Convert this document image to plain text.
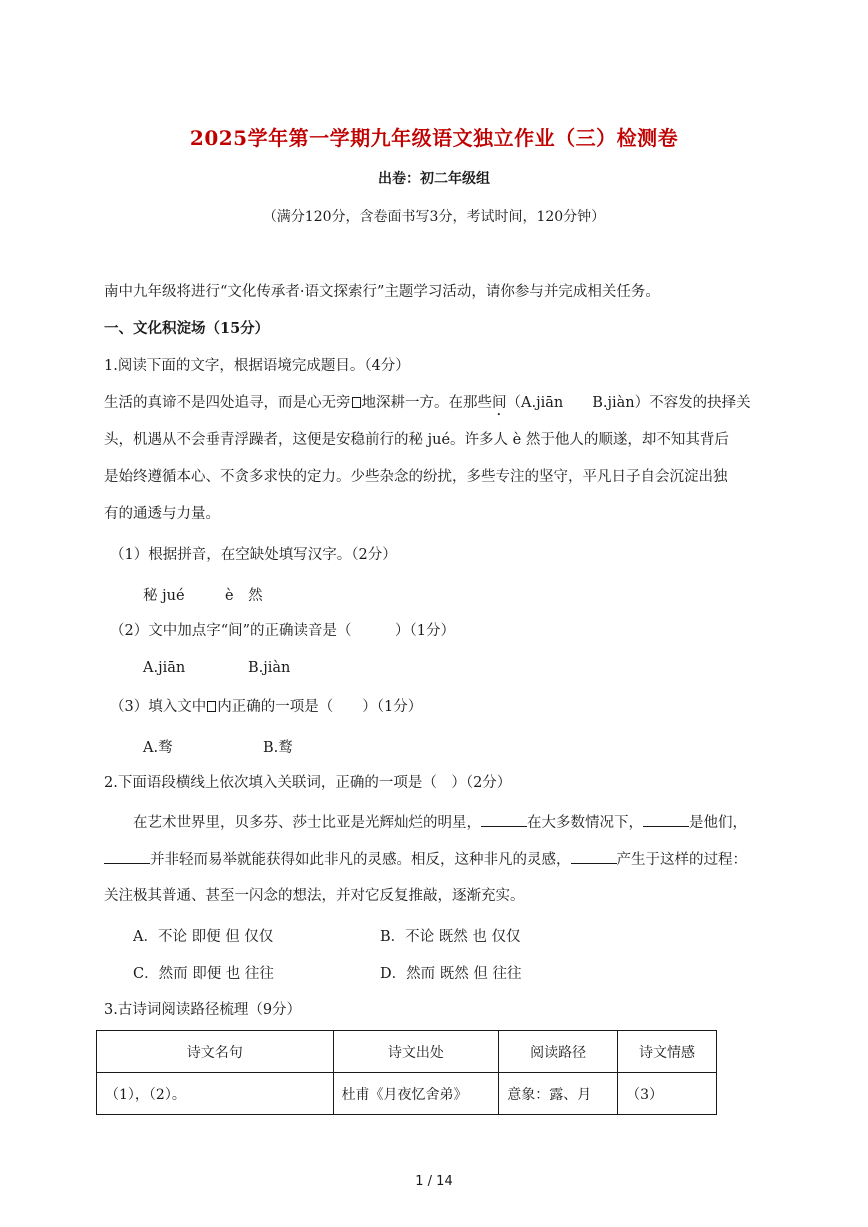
2025学年第一学期九年级语文独立作业（三）检测卷
出卷：初二年级组
（满分120分，含卷面书写3分，考试时间，120分钟）
南中九年级将进行“文化传承者·语文探索行”主题学习活动，请你参与并完成相关任务。
一、文化积淀场（15分）
1.阅读下面的文字，根据语境完成题目。（4分）
生活的真谛不是四处追寻，而是心无旁 地深耕一方。在那些间（A.jiān　　B.jiàn）不容发的抉择关
头，机遇从不会垂青浮躁者，这便是安稳前行的秘 jué。许多人 è 然于他人的顺遂，却不知其背后
是始终遵循本心、不贪多求快的定力。少些杂念的纷扰，多些专注的坚守，平凡日子自会沉淀出独
有的通透与力量。
（1）根据拼音，在空缺处填写汉字。（2分）
秘 jué	è　然
（2）文中加点字“间”的正确读音是（　　　）（1分）
A.jiān	B.jiàn
（3）填入文中 内正确的一项是（　　）（1分）
A.骛	B.鹜
2.下面语段横线上依次填入关联词，正确的一项是（　）（2分）
在艺术世界里，贝多芬、莎士比亚是光辉灿烂的明星，	在大多数情况下，	是他们，
并非轻而易举就能获得如此非凡的灵感。相反，这种非凡的灵感，	产生于这样的过程：
关注极其普通、甚至一闪念的想法，并对它反复推敲，逐渐充实。
A．不论 即便 但 仅仅	B．不论 既然 也 仅仅
C．然而 即便 也 往往	D．然而 既然 但 往往
3.古诗词阅读路径梳理（9分）
诗文名句	诗文出处	阅读路径	诗文情感
（1），（2）。	杜甫《月夜忆舍弟》	意象：露、月	（3）
1 / 14
